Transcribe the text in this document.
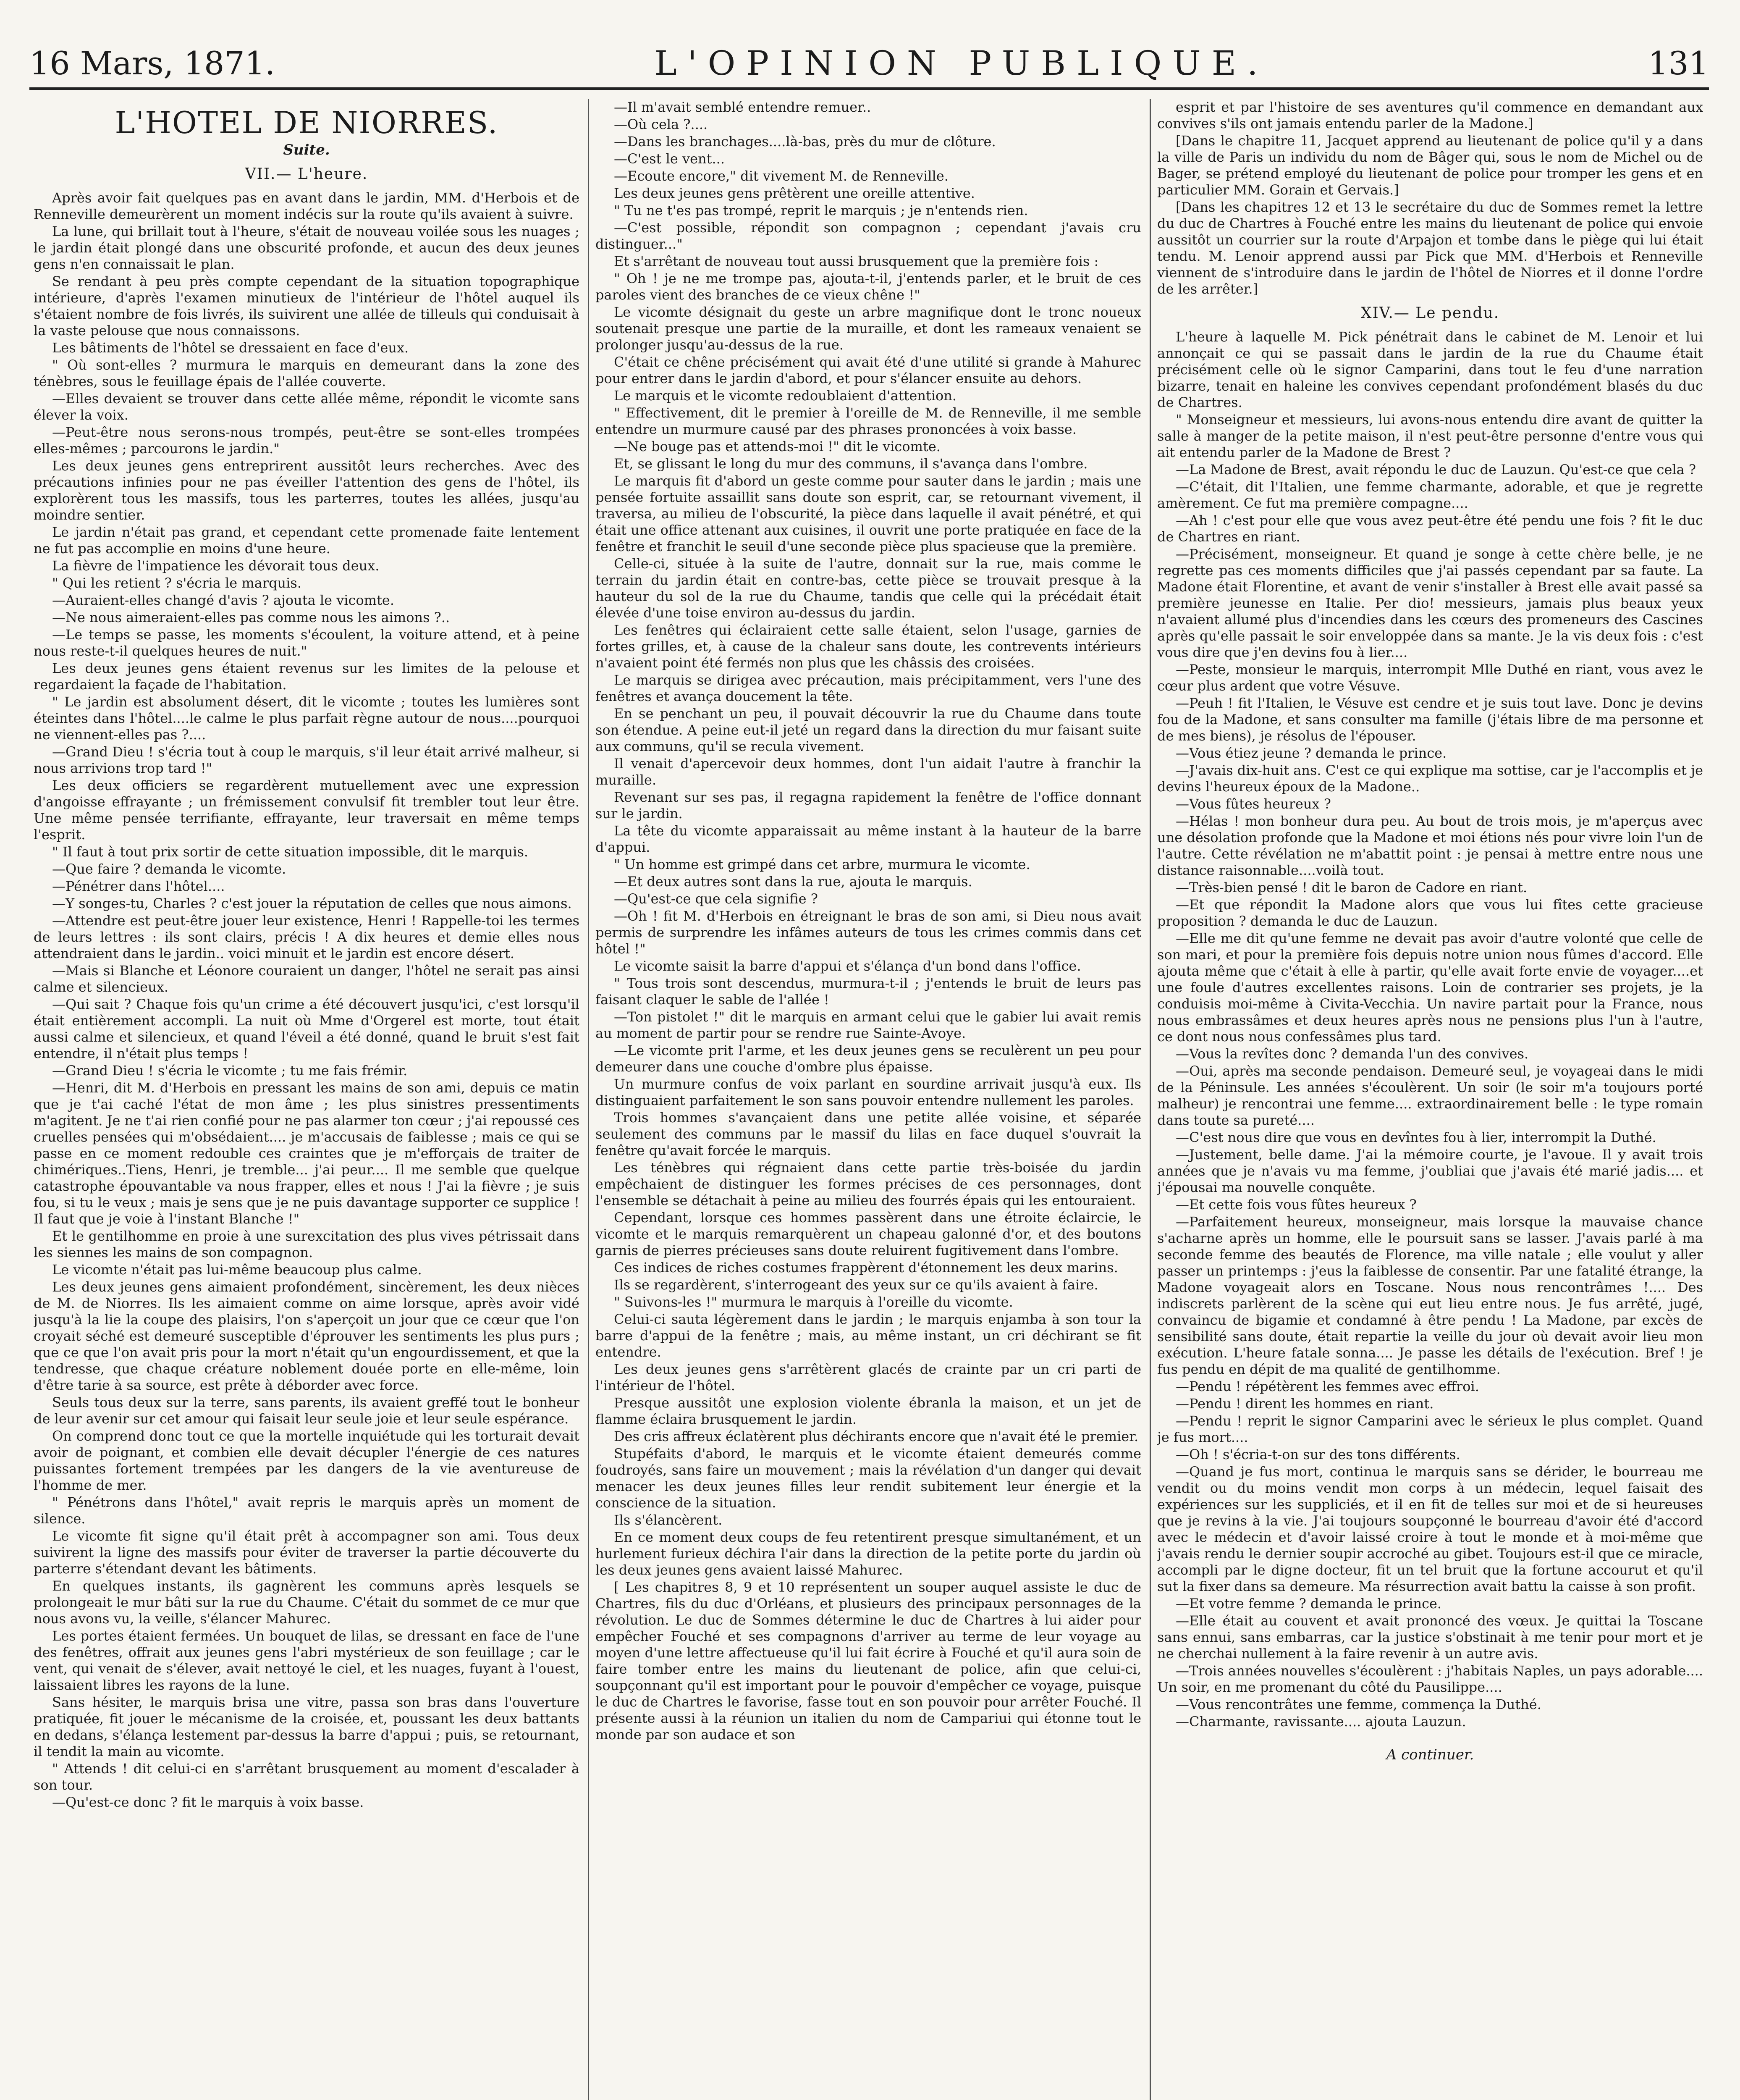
16 Mars, 1871.	L'OPINION PUBLIQUE.	131
L'HOTEL DE NIORRES.
Suite.
VII.— L'heure.

Après avoir fait quelques pas en avant dans le jardin, MM. d'Herbois et de Renneville demeurèrent un moment indécis sur la route qu'ils avaient à suivre.

La lune, qui brillait tout à l'heure, s'était de nouveau voilée sous les nuages ; le jardin était plongé dans une obscurité profonde, et aucun des deux jeunes gens n'en connaissait le plan.

Se rendant à peu près compte cependant de la situation topographique intérieure, d'après l'examen minutieux de l'intérieur de l'hôtel auquel ils s'étaient nombre de fois livrés, ils suivirent une allée de tilleuls qui conduisait à la vaste pelouse que nous connaissons.

Les bâtiments de l'hôtel se dressaient en face d'eux.

" Où sont-elles ? murmura le marquis en demeurant dans la zone des ténèbres, sous le feuillage épais de l'allée couverte.

—Elles devaient se trouver dans cette allée même, répondit le vicomte sans élever la voix.

—Peut-être nous serons-nous trompés, peut-être se sont-elles trompées elles-mêmes ; parcourons le jardin."

Les deux jeunes gens entreprirent aussitôt leurs recherches. Avec des précautions infinies pour ne pas éveiller l'attention des gens de l'hôtel, ils explorèrent tous les massifs, tous les parterres, toutes les allées, jusqu'au moindre sentier.

Le jardin n'était pas grand, et cependant cette promenade faite lentement ne fut pas accomplie en moins d'une heure.

La fièvre de l'impatience les dévorait tous deux.

" Qui les retient ? s'écria le marquis.

—Auraient-elles changé d'avis ? ajouta le vicomte.

—Ne nous aimeraient-elles pas comme nous les aimons ?..

—Le temps se passe, les moments s'écoulent, la voiture attend, et à peine nous reste-t-il quelques heures de nuit."

Les deux jeunes gens étaient revenus sur les limites de la pelouse et regardaient la façade de l'habitation.

" Le jardin est absolument désert, dit le vicomte ; toutes les lumières sont éteintes dans l'hôtel....le calme le plus parfait règne autour de nous....pourquoi ne viennent-elles pas ?....

—Grand Dieu ! s'écria tout à coup le marquis, s'il leur était arrivé malheur, si nous arrivions trop tard !"

Les deux officiers se regardèrent mutuellement avec une expression d'angoisse effrayante ; un frémissement convulsif fit trembler tout leur être. Une même pensée terrifiante, effrayante, leur traversait en même temps l'esprit.

" Il faut à tout prix sortir de cette situation impossible, dit le marquis.

—Que faire ? demanda le vicomte.

—Pénétrer dans l'hôtel....

—Y songes-tu, Charles ? c'est jouer la réputation de celles que nous aimons.

—Attendre est peut-être jouer leur existence, Henri ! Rappelle-toi les termes de leurs lettres : ils sont clairs, précis ! A dix heures et demie elles nous attendraient dans le jardin.. voici minuit et le jardin est encore désert.

—Mais si Blanche et Léonore couraient un danger, l'hôtel ne serait pas ainsi calme et silencieux.

—Qui sait ? Chaque fois qu'un crime a été découvert jusqu'ici, c'est lorsqu'il était entièrement accompli. La nuit où Mme d'Orgerel est morte, tout était aussi calme et silencieux, et quand l'éveil a été donné, quand le bruit s'est fait entendre, il n'était plus temps !

—Grand Dieu ! s'écria le vicomte ; tu me fais frémir.

—Henri, dit M. d'Herbois en pressant les mains de son ami, depuis ce matin que je t'ai caché l'état de mon âme ; les plus sinistres pressentiments m'agitent. Je ne t'ai rien confié pour ne pas alarmer ton cœur ; j'ai repoussé ces cruelles pensées qui m'obsédaient.... je m'accusais de faiblesse ; mais ce qui se passe en ce moment redouble ces craintes que je m'efforçais de traiter de chimériques..Tiens, Henri, je tremble... j'ai peur.... Il me semble que quelque catastrophe épouvantable va nous frapper, elles et nous ! J'ai la fièvre ; je suis fou, si tu le veux ; mais je sens que je ne puis davantage supporter ce supplice ! Il faut que je voie à l'instant Blanche !"

Et le gentilhomme en proie à une surexcitation des plus vives pétrissait dans les siennes les mains de son compagnon.

Le vicomte n'était pas lui-même beaucoup plus calme.

Les deux jeunes gens aimaient profondément, sincèrement, les deux nièces de M. de Niorres. Ils les aimaient comme on aime lorsque, après avoir vidé jusqu'à la lie la coupe des plaisirs, l'on s'aperçoit un jour que ce cœur que l'on croyait séché est demeuré susceptible d'éprouver les sentiments les plus purs ; que ce que l'on avait pris pour la mort n'était qu'un engourdissement, et que la tendresse, que chaque créature noblement douée porte en elle-même, loin d'être tarie à sa source, est prête à déborder avec force.

Seuls tous deux sur la terre, sans parents, ils avaient greffé tout le bonheur de leur avenir sur cet amour qui faisait leur seule joie et leur seule espérance.

On comprend donc tout ce que la mortelle inquiétude qui les torturait devait avoir de poignant, et combien elle devait décupler l'énergie de ces natures puissantes fortement trempées par les dangers de la vie aventureuse de l'homme de mer.

" Pénétrons dans l'hôtel," avait repris le marquis après un moment de silence.

Le vicomte fit signe qu'il était prêt à accompagner son ami. Tous deux suivirent la ligne des massifs pour éviter de traverser la partie découverte du parterre s'étendant devant les bâtiments.

En quelques instants, ils gagnèrent les communs après lesquels se prolongeait le mur bâti sur la rue du Chaume. C'était du sommet de ce mur que nous avons vu, la veille, s'élancer Mahurec.

Les portes étaient fermées. Un bouquet de lilas, se dressant en face de l'une des fenêtres, offrait aux jeunes gens l'abri mystérieux de son feuillage ; car le vent, qui venait de s'élever, avait nettoyé le ciel, et les nuages, fuyant à l'ouest, laissaient libres les rayons de la lune.

Sans hésiter, le marquis brisa une vitre, passa son bras dans l'ouverture pratiquée, fit jouer le mécanisme de la croisée, et, poussant les deux battants en dedans, s'élança lestement par-dessus la barre d'appui ; puis, se retournant, il tendit la main au vicomte.

" Attends ! dit celui-ci en s'arrêtant brusquement au moment d'escalader à son tour.

—Qu'est-ce donc ? fit le marquis à voix basse.

—Il m'avait semblé entendre remuer..

—Où cela ?....

—Dans les branchages....là-bas, près du mur de clôture.

—C'est le vent...

—Ecoute encore," dit vivement M. de Renneville.

Les deux jeunes gens prêtèrent une oreille attentive.

" Tu ne t'es pas trompé, reprit le marquis ; je n'entends rien.

—C'est possible, répondit son compagnon ; cependant j'avais cru distinguer..."

Et s'arrêtant de nouveau tout aussi brusquement que la première fois :

" Oh ! je ne me trompe pas, ajouta-t-il, j'entends parler, et le bruit de ces paroles vient des branches de ce vieux chêne !"

Le vicomte désignait du geste un arbre magnifique dont le tronc noueux soutenait presque une partie de la muraille, et dont les rameaux venaient se prolonger jusqu'au-dessus de la rue.

C'était ce chêne précisément qui avait été d'une utilité si grande à Mahurec pour entrer dans le jardin d'abord, et pour s'élancer ensuite au dehors.

Le marquis et le vicomte redoublaient d'attention.

" Effectivement, dit le premier à l'oreille de M. de Renneville, il me semble entendre un murmure causé par des phrases prononcées à voix basse.

—Ne bouge pas et attends-moi !" dit le vicomte.

Et, se glissant le long du mur des communs, il s'avança dans l'ombre.

Le marquis fit d'abord un geste comme pour sauter dans le jardin ; mais une pensée fortuite assaillit sans doute son esprit, car, se retournant vivement, il traversa, au milieu de l'obscurité, la pièce dans laquelle il avait pénétré, et qui était une office attenant aux cuisines, il ouvrit une porte pratiquée en face de la fenêtre et franchit le seuil d'une seconde pièce plus spacieuse que la première.

Celle-ci, située à la suite de l'autre, donnait sur la rue, mais comme le terrain du jardin était en contre-bas, cette pièce se trouvait presque à la hauteur du sol de la rue du Chaume, tandis que celle qui la précédait était élevée d'une toise environ au-dessus du jardin.

Les fenêtres qui éclairaient cette salle étaient, selon l'usage, garnies de fortes grilles, et, à cause de la chaleur sans doute, les contrevents intérieurs n'avaient point été fermés non plus que les châssis des croisées.

Le marquis se dirigea avec précaution, mais précipitamment, vers l'une des fenêtres et avança doucement la tête.

En se penchant un peu, il pouvait découvrir la rue du Chaume dans toute son étendue. A peine eut-il jeté un regard dans la direction du mur faisant suite aux communs, qu'il se recula vivement.

Il venait d'apercevoir deux hommes, dont l'un aidait l'autre à franchir la muraille.

Revenant sur ses pas, il regagna rapidement la fenêtre de l'office donnant sur le jardin.

La tête du vicomte apparaissait au même instant à la hauteur de la barre d'appui.

" Un homme est grimpé dans cet arbre, murmura le vicomte.

—Et deux autres sont dans la rue, ajouta le marquis.

—Qu'est-ce que cela signifie ?

—Oh ! fit M. d'Herbois en étreignant le bras de son ami, si Dieu nous avait permis de surprendre les infâmes auteurs de tous les crimes commis dans cet hôtel !"

Le vicomte saisit la barre d'appui et s'élança d'un bond dans l'office.

" Tous trois sont descendus, murmura-t-il ; j'entends le bruit de leurs pas faisant claquer le sable de l'allée !

—Ton pistolet !" dit le marquis en armant celui que le gabier lui avait remis au moment de partir pour se rendre rue Sainte-Avoye.

—Le vicomte prit l'arme, et les deux jeunes gens se reculèrent un peu pour demeurer dans une couche d'ombre plus épaisse.

Un murmure confus de voix parlant en sourdine arrivait jusqu'à eux. Ils distinguaient parfaitement le son sans pouvoir entendre nullement les paroles.

Trois hommes s'avançaient dans une petite allée voisine, et séparée seulement des communs par le massif du lilas en face duquel s'ouvrait la fenêtre qu'avait forcée le marquis.

Les ténèbres qui régnaient dans cette partie très-boisée du jardin empêchaient de distinguer les formes précises de ces personnages, dont l'ensemble se détachait à peine au milieu des fourrés épais qui les entouraient.

Cependant, lorsque ces hommes passèrent dans une étroite éclaircie, le vicomte et le marquis remarquèrent un chapeau galonné d'or, et des boutons garnis de pierres précieuses sans doute reluirent fugitivement dans l'ombre.

Ces indices de riches costumes frappèrent d'étonnement les deux marins.

Ils se regardèrent, s'interrogeant des yeux sur ce qu'ils avaient à faire.

" Suivons-les !" murmura le marquis à l'oreille du vicomte.

Celui-ci sauta légèrement dans le jardin ; le marquis enjamba à son tour la barre d'appui de la fenêtre ; mais, au même instant, un cri déchirant se fit entendre.

Les deux jeunes gens s'arrêtèrent glacés de crainte par un cri parti de l'intérieur de l'hôtel.

Presque aussitôt une explosion violente ébranla la maison, et un jet de flamme éclaira brusquement le jardin.

Des cris affreux éclatèrent plus déchirants encore que n'avait été le premier.

Stupéfaits d'abord, le marquis et le vicomte étaient demeurés comme foudroyés, sans faire un mouvement ; mais la révélation d'un danger qui devait menacer les deux jeunes filles leur rendit subitement leur énergie et la conscience de la situation.

Ils s'élancèrent.

En ce moment deux coups de feu retentirent presque simultanément, et un hurlement furieux déchira l'air dans la direction de la petite porte du jardin où les deux jeunes gens avaient laissé Mahurec.

[ Les chapitres 8, 9 et 10 représentent un souper auquel assiste le duc de Chartres, fils du duc d'Orléans, et plusieurs des principaux personnages de la révolution. Le duc de Sommes détermine le duc de Chartres à lui aider pour empêcher Fouché et ses compagnons d'arriver au terme de leur voyage au moyen d'une lettre affectueuse qu'il lui fait écrire à Fouché et qu'il aura soin de faire tomber entre les mains du lieutenant de police, afin que celui-ci, soupçonnant qu'il est important pour le pouvoir d'empêcher ce voyage, puisque le duc de Chartres le favorise, fasse tout en son pouvoir pour arrêter Fouché. Il présente aussi à la réunion un italien du nom de Campariui qui étonne tout le monde par son audace et son

esprit et par l'histoire de ses aventures qu'il commence en demandant aux convives s'ils ont jamais entendu parler de la Madone.]

[Dans le chapitre 11, Jacquet apprend au lieutenant de police qu'il y a dans la ville de Paris un individu du nom de Bâger qui, sous le nom de Michel ou de Bager, se prétend employé du lieutenant de police pour tromper les gens et en particulier MM. Gorain et Gervais.]

[Dans les chapitres 12 et 13 le secrétaire du duc de Sommes remet la lettre du duc de Chartres à Fouché entre les mains du lieutenant de police qui envoie aussitôt un courrier sur la route d'Arpajon et tombe dans le piège qui lui était tendu. M. Lenoir apprend aussi par Pick que MM. d'Herbois et Renneville viennent de s'introduire dans le jardin de l'hôtel de Niorres et il donne l'ordre de les arrêter.]

XIV.— Le pendu.

L'heure à laquelle M. Pick pénétrait dans le cabinet de M. Lenoir et lui annonçait ce qui se passait dans le jardin de la rue du Chaume était précisément celle où le signor Camparini, dans tout le feu d'une narration bizarre, tenait en haleine les convives cependant profondément blasés du duc de Chartres.

" Monseigneur et messieurs, lui avons-nous entendu dire avant de quitter la salle à manger de la petite maison, il n'est peut-être personne d'entre vous qui ait entendu parler de la Madone de Brest ?

—La Madone de Brest, avait répondu le duc de Lauzun. Qu'est-ce que cela ?

—C'était, dit l'Italien, une femme charmante, adorable, et que je regrette amèrement. Ce fut ma première compagne....

—Ah ! c'est pour elle que vous avez peut-être été pendu une fois ? fit le duc de Chartres en riant.

—Précisément, monseigneur. Et quand je songe à cette chère belle, je ne regrette pas ces moments difficiles que j'ai passés cependant par sa faute. La Madone était Florentine, et avant de venir s'installer à Brest elle avait passé sa première jeunesse en Italie. Per dio! messieurs, jamais plus beaux yeux n'avaient allumé plus d'incendies dans les cœurs des promeneurs des Cascines après qu'elle passait le soir enveloppée dans sa mante. Je la vis deux fois : c'est vous dire que j'en devins fou à lier....

—Peste, monsieur le marquis, interrompit Mlle Duthé en riant, vous avez le cœur plus ardent que votre Vésuve.

—Peuh ! fit l'Italien, le Vésuve est cendre et je suis tout lave. Donc je devins fou de la Madone, et sans consulter ma famille (j'étais libre de ma personne et de mes biens), je résolus de l'épouser.

—Vous étiez jeune ? demanda le prince.

—J'avais dix-huit ans. C'est ce qui explique ma sottise, car je l'accomplis et je devins l'heureux époux de la Madone..

—Vous fûtes heureux ?

—Hélas ! mon bonheur dura peu. Au bout de trois mois, je m'aperçus avec une désolation profonde que la Madone et moi étions nés pour vivre loin l'un de l'autre. Cette révélation ne m'abattit point : je pensai à mettre entre nous une distance raisonnable....voilà tout.

—Très-bien pensé ! dit le baron de Cadore en riant.

—Et que répondit la Madone alors que vous lui fîtes cette gracieuse proposition ? demanda le duc de Lauzun.

—Elle me dit qu'une femme ne devait pas avoir d'autre volonté que celle de son mari, et pour la première fois depuis notre union nous fûmes d'accord. Elle ajouta même que c'était à elle à partir, qu'elle avait forte envie de voyager....et une foule d'autres excellentes raisons. Loin de contrarier ses projets, je la conduisis moi-même à Civita-Vecchia. Un navire partait pour la France, nous nous embrassâmes et deux heures après nous ne pensions plus l'un à l'autre, ce dont nous nous confessâmes plus tard.

—Vous la revîtes donc ? demanda l'un des convives.

—Oui, après ma seconde pendaison. Demeuré seul, je voyageai dans le midi de la Péninsule. Les années s'écoulèrent. Un soir (le soir m'a toujours porté malheur) je rencontrai une femme.... extraordinairement belle : le type romain dans toute sa pureté....

—C'est nous dire que vous en devîntes fou à lier, interrompit la Duthé.

—Justement, belle dame. J'ai la mémoire courte, je l'avoue. Il y avait trois années que je n'avais vu ma femme, j'oubliai que j'avais été marié jadis.... et j'épousai ma nouvelle conquête.

—Et cette fois vous fûtes heureux ?

—Parfaitement heureux, monseigneur, mais lorsque la mauvaise chance s'acharne après un homme, elle le poursuit sans se lasser. J'avais parlé à ma seconde femme des beautés de Florence, ma ville natale ; elle voulut y aller passer un printemps : j'eus la faiblesse de consentir. Par une fatalité étrange, la Madone voyageait alors en Toscane. Nous nous rencontrâmes !.... Des indiscrets parlèrent de la scène qui eut lieu entre nous. Je fus arrêté, jugé, convaincu de bigamie et condamné à être pendu ! La Madone, par excès de sensibilité sans doute, était repartie la veille du jour où devait avoir lieu mon exécution. L'heure fatale sonna.... Je passe les détails de l'exécution. Bref ! je fus pendu en dépit de ma qualité de gentilhomme.

—Pendu ! répétèrent les femmes avec effroi.

—Pendu ! dirent les hommes en riant.

—Pendu ! reprit le signor Camparini avec le sérieux le plus complet. Quand je fus mort....

—Oh ! s'écria-t-on sur des tons différents.

—Quand je fus mort, continua le marquis sans se dérider, le bourreau me vendit ou du moins vendit mon corps à un médecin, lequel faisait des expériences sur les suppliciés, et il en fit de telles sur moi et de si heureuses que je revins à la vie. J'ai toujours soupçonné le bourreau d'avoir été d'accord avec le médecin et d'avoir laissé croire à tout le monde et à moi-même que j'avais rendu le dernier soupir accroché au gibet. Toujours est-il que ce miracle, accompli par le digne docteur, fit un tel bruit que la fortune accourut et qu'il sut la fixer dans sa demeure. Ma résurrection avait battu la caisse à son profit.

—Et votre femme ? demanda le prince.

—Elle était au couvent et avait prononcé des vœux. Je quittai la Toscane sans ennui, sans embarras, car la justice s'obstinait à me tenir pour mort et je ne cherchai nullement à la faire revenir à un autre avis.

—Trois années nouvelles s'écoulèrent : j'habitais Naples, un pays adorable.... Un soir, en me promenant du côté du Pausilippe....

—Vous rencontrâtes une femme, commença la Duthé.

—Charmante, ravissante.... ajouta Lauzun.

A continuer.
